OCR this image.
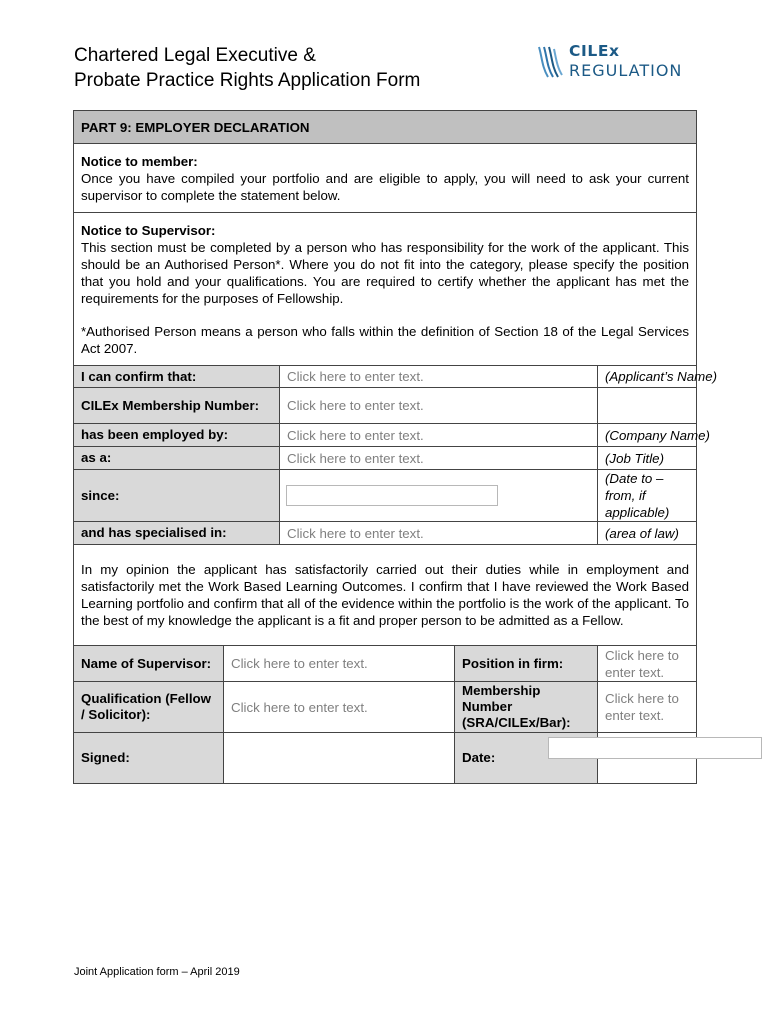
Chartered Legal Executive &
Probate Practice Rights Application Form
CILEx
REGULATION
PART 9: EMPLOYER DECLARATION				
Notice to member:
Once you have compiled your portfolio and are eligible to apply, you will need to ask your current supervisor to complete the statement below.				
Notice to Supervisor:
This section must be completed by a person who has responsibility for the work of the applicant. This should be an Authorised Person*. Where you do not fit into the category, please specify the position that you hold and your qualifications. You are required to certify whether the applicant has met the requirements for the purposes of Fellowship.
*Authorised Person means a person who falls within the definition of Section 18 of the Legal Services Act 2007.				
I can confirm that:		Click here to enter text.		(Applicant’s Name)
CILEx Membership Number:		Click here to enter text.		
has been employed by:		Click here to enter text.		(Company Name)
as a:		Click here to enter text.		(Job Title)
since:				(Date to – from, if applicable)
and has specialised in:		Click here to enter text.		(area of law)
In my opinion the applicant has satisfactorily carried out their duties while in employment and satisfactorily met the Work Based Learning Outcomes. I confirm that I have reviewed the Work Based Learning portfolio and confirm that all of the evidence within the portfolio is the work of the applicant. To the best of my knowledge the applicant is a fit and proper person to be admitted as a Fellow.				
Name of Supervisor:	Click here to enter text.		Position in firm:	Click here to enter text.
Qualification (Fellow / Solicitor):	Click here to enter text.		Membership Number (SRA/CILEx/Bar):	Click here to enter text.
Signed:			Date:	
Joint Application form – April 2019
